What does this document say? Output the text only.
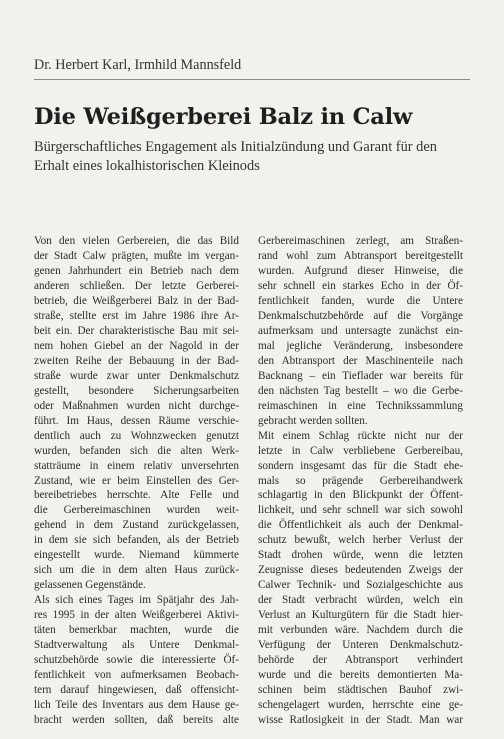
Dr. Herbert Karl, Irmhild Mannsfeld
Die Weißgerberei Balz in Calw
Bürgerschaftliches Engagement als Initialzündung und Garant für den Erhalt eines lokalhistorischen Kleinods
Von den vielen Gerbereien, die das Bild
der Stadt Calw prägten, mußte im vergan-
genen Jahrhundert ein Betrieb nach dem
anderen schließen. Der letzte Gerberei-
betrieb, die Weißgerberei Balz in der Bad-
straße, stellte erst im Jahre 1986 ihre Ar-
beit ein. Der charakteristische Bau mit sei-
nem hohen Giebel an der Nagold in der
zweiten Reihe der Bebauung in der Bad-
straße wurde zwar unter Denkmalschutz
gestellt, besondere Sicherungsarbeiten
oder Maßnahmen wurden nicht durchge-
führt. Im Haus, dessen Räume verschie-
dentlich auch zu Wohnzwecken genutzt
wurden, befanden sich die alten Werk-
statträume in einem relativ unversehrten
Zustand, wie er beim Einstellen des Ger-
bereibetriebes herrschte. Alte Felle und
die Gerbereimaschinen wurden weit-
gehend in dem Zustand zurückgelassen,
in dem sie sich befanden, als der Betrieb
eingestellt wurde. Niemand kümmerte
sich um die in dem alten Haus zurück-
gelassenen Gegenstände.
Als sich eines Tages im Spätjahr des Jah-
res 1995 in der alten Weißgerberei Aktivi-
täten bemerkbar machten, wurde die
Stadtverwaltung als Untere Denkmal-
schutzbehörde sowie die interessierte Öf-
fentlichkeit von aufmerksamen Beobach-
tern darauf hingewiesen, daß offensicht-
lich Teile des Inventars aus dem Hause ge-
bracht werden sollten, daß bereits alte
Gerbereimaschinen zerlegt, am Straßen-
rand wohl zum Abtransport bereitgestellt
wurden. Aufgrund dieser Hinweise, die
sehr schnell ein starkes Echo in der Öf-
fentlichkeit fanden, wurde die Untere
Denkmalschutzbehörde auf die Vorgänge
aufmerksam und untersagte zunächst ein-
mal jegliche Veränderung, insbesondere
den Abtransport der Maschinenteile nach
Backnang – ein Tieflader war bereits für
den nächsten Tag bestellt – wo die Gerbe-
reimaschinen in eine Technikssammlung
gebracht werden sollten.
Mit einem Schlag rückte nicht nur der
letzte in Calw verbliebene Gerbereibau,
sondern insgesamt das für die Stadt ehe-
mals so prägende Gerbereihandwerk
schlagartig in den Blickpunkt der Öffent-
lichkeit, und sehr schnell war sich sowohl
die Öffentlichkeit als auch der Denkmal-
schutz bewußt, welch herber Verlust der
Stadt drohen würde, wenn die letzten
Zeugnisse dieses bedeutenden Zweigs der
Calwer Technik- und Sozialgeschichte aus
der Stadt verbracht würden, welch ein
Verlust an Kulturgütern für die Stadt hier-
mit verbunden wäre. Nachdem durch die
Verfügung der Unteren Denkmalschutz-
behörde der Abtransport verhindert
wurde und die bereits demontierten Ma-
schinen beim städtischen Bauhof zwi-
schengelagert wurden, herrschte eine ge-
wisse Ratlosigkeit in der Stadt. Man war
